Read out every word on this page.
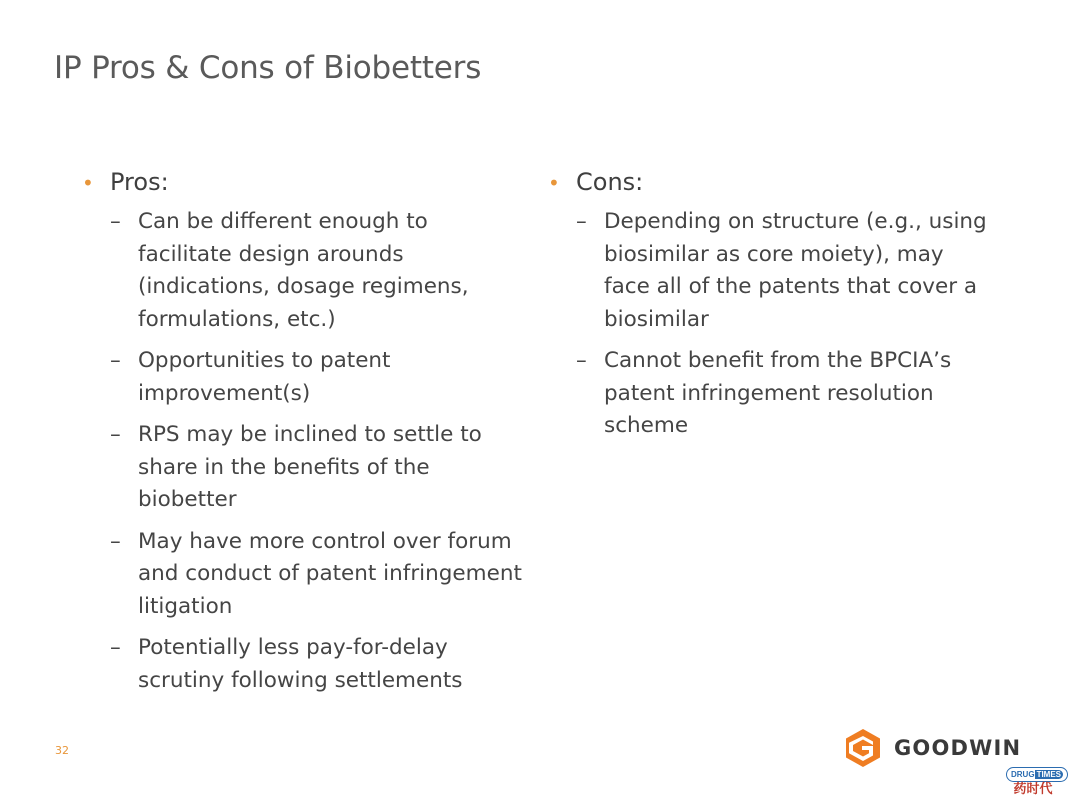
IP Pros & Cons of Biobetters
• Pros:
– Can be different enough to facilitate design arounds (indications, dosage regimens, formulations, etc.)
– Opportunities to patent improvement(s)
– RPS may be inclined to settle to share in the benefits of the biobetter
– May have more control over forum and conduct of patent infringement litigation
– Potentially less pay-for-delay scrutiny following settlements
• Cons:
– Depending on structure (e.g., using biosimilar as core moiety), may face all of the patents that cover a biosimilar
– Cannot benefit from the BPCIA’s patent infringement resolution scheme
32	GOODWIN
DRUG TIMES
药时代
